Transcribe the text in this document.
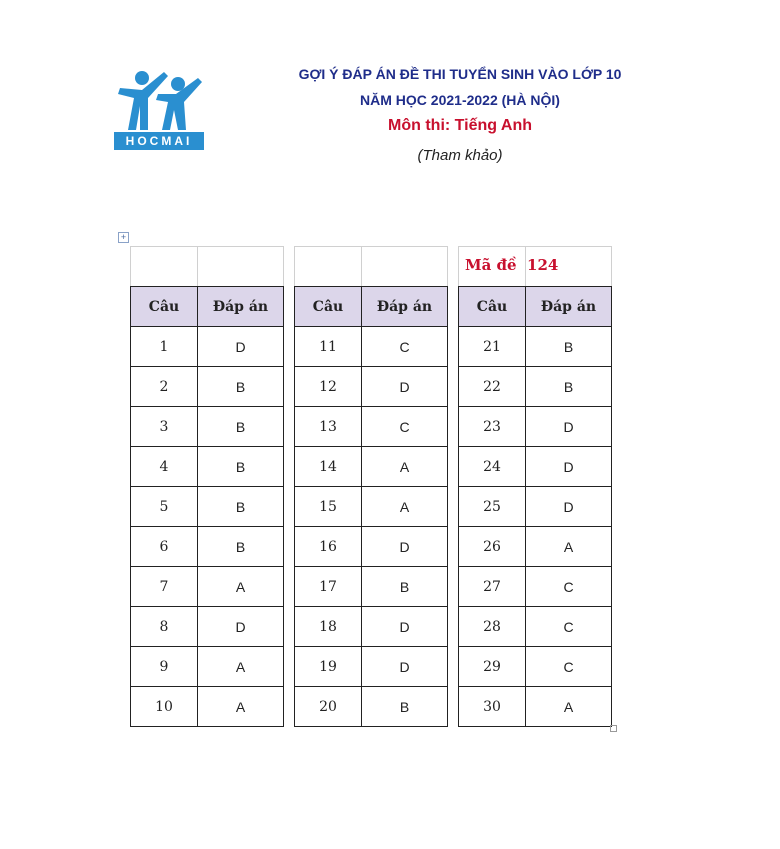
HOCMAI
GỢI Ý ĐÁP ÁN ĐỀ THI TUYỂN SINH VÀO LỚP 10
NĂM HỌC 2021-2022 (HÀ NỘI)
Môn thi: Tiếng Anh
(Tham khảo)
+
Mã đề 124
Câu	Đáp án
1	D
2	B
3	B
4	B
5	B
6	B
7	A
8	D
9	A
10	A
Câu	Đáp án
11	C
12	D
13	C
14	A
15	A
16	D
17	B
18	D
19	D
20	B
Câu	Đáp án
21	B
22	B
23	D
24	D
25	D
26	A
27	C
28	C
29	C
30	A
